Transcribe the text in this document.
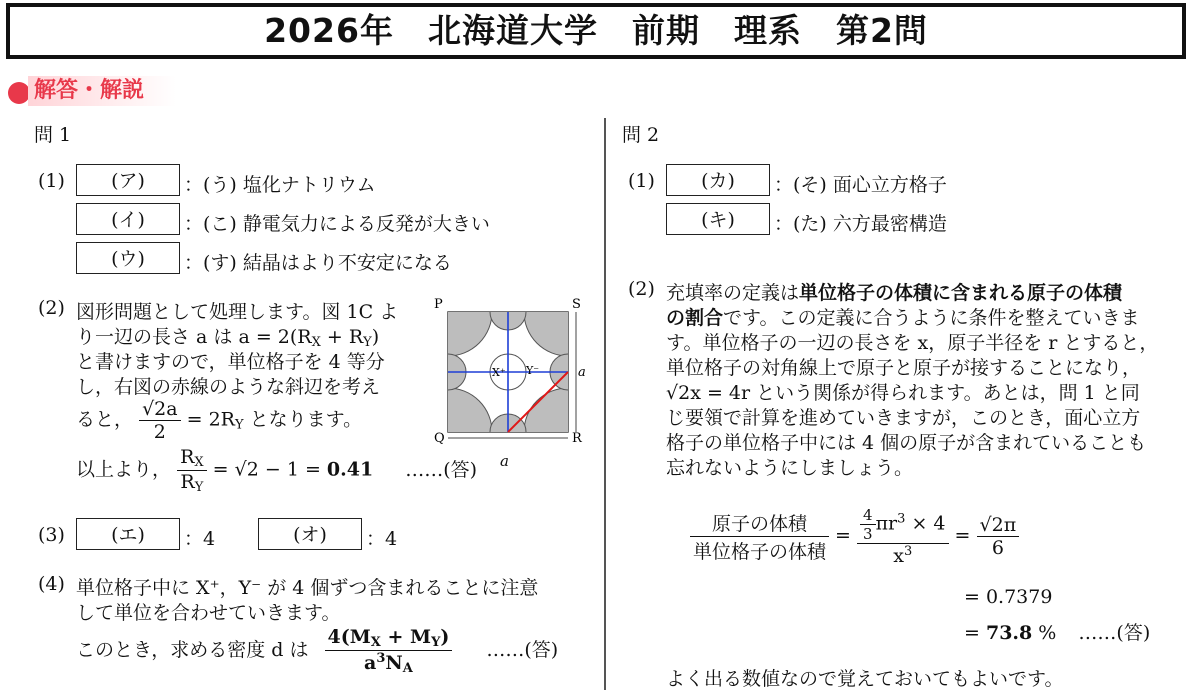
2026年　北海道大学　前期　理系　第2問
解答・解説
問 1
(1)	(ア)	：(う) 塩化ナトリウム
(イ)	：(こ) 静電気力による反発が大きい
(ウ)	：(す) 結晶はより不安定になる
(2) 図形問題として処理します。図 1C よ
り一辺の長さ a は $a = 2(R_X + R_Y)$
と書けますので，単位格子を 4 等分
し，右図の赤線のような斜辺を考え
ると， $\frac{√2a}{2} = 2R_Y$ となります。
以上より， $\frac{R_X}{R_Y} = √2 - 1 = 0.41$ ……(答)
P	S
Q	R
X⁺ Y⁻	a
a
(3)	(エ)	：4	(オ)	：4
(4) 単位格子中に X⁺，Y⁻ が 4 個ずつ含まれることに注意
して単位を合わせていきます。
このとき，求める密度 d は $\frac{4(M_X + M_Y)}{a^3N_A}$ ……(答)
問 2
(1)	(カ)	：(そ) 面心立方格子
(キ)	：(た) 六方最密構造
(2) 充填率の定義は単位格子の体積に含まれる原子の体積
の割合です。この定義に合うように条件を整えていきま
す。単位格子の一辺の長さを x，原子半径を r とすると，
単位格子の対角線上で原子と原子が接することになり，
√2x = 4r という関係が得られます。あとは，問 1 と同
じ要領で計算を進めていきますが，このとき，面心立方
格子の単位格子中には 4 個の原子が含まれていることも
忘れないようにしましょう。
$\frac{\text{原子の体積}}{\text{単位格子の体積}} = \frac{\frac{4}{3} \pi r^3 \times 4}{x^3} = \frac{√2\pi}{6}$
= 0.7379
= 73.8 % ……(答)
よく出る数値なので覚えておいてもよいです。
